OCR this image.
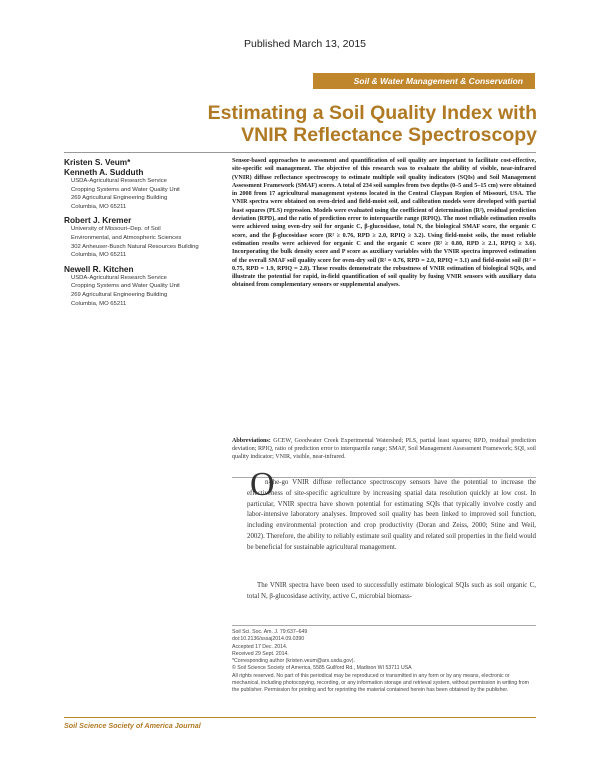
Published March 13, 2015
Soil & Water Management & Conservation
Estimating a Soil Quality Index with
VNIR Reflectance Spectroscopy
Kristen S. Veum*
Kenneth A. Sudduth
USDA-Agricultural Research Service
Cropping Systems and Water Quality Unit
269 Agricultural Engineering Building
Columbia, MO 65211
Robert J. Kremer
University of Missouri–Dep. of Soil
Environmental, and Atmospheric Sciences
302 Anheuser-Busch Natural Resources Building
Columbia, MO 65211
Newell R. Kitchen
USDA-Agricultural Research Service
Cropping Systems and Water Quality Unit
269 Agricultural Engineering Building
Columbia, MO 65211
Sensor-based approaches to assessment and quantification of soil quality are important to facilitate cost-effective, site-specific soil management. The objective of this research was to evaluate the ability of visible, near-infrared (VNIR) diffuse reflectance spectroscopy to estimate multiple soil quality indicators (SQIs) and Soil Management Assessment Framework (SMAF) scores. A total of 234 soil samples from two depths (0–5 and 5–15 cm) were obtained in 2008 from 17 agricultural management systems located in the Central Claypan Region of Missouri, USA. The VNIR spectra were obtained on oven-dried and field-moist soil, and calibration models were developed with partial least squares (PLS) regression. Models were evaluated using the coefficient of determination (R²), residual prediction deviation (RPD), and the ratio of prediction error to interquartile range (RPIQ). The most reliable estimation results were achieved using oven-dry soil for organic C, β-glucosidase, total N, the biological SMAF score, the organic C score, and the β-glucosidase score (R² ≥ 0.76, RPD ≥ 2.0, RPIQ ≥ 3.2). Using field-moist soils, the most reliable estimation results were achieved for organic C and the organic C score (R² ≥ 0.80, RPD ≥ 2.1, RPIQ ≥ 3.6). Incorporating the bulk density score and P score as auxiliary variables with the VNIR spectra improved estimation of the overall SMAF soil quality score for oven-dry soil (R² = 0.76, RPD = 2.0, RPIQ = 3.1) and field-moist soil (R² = 0.75, RPD = 1.9, RPIQ = 2.8). These results demonstrate the robustness of VNIR estimation of biological SQIs, and illustrate the potential for rapid, in-field quantification of soil quality by fusing VNIR sensors with auxiliary data obtained from complementary sensors or supplemental analyses.
Abbreviations: GCEW, Goodwater Creek Experimental Watershed; PLS, partial least squares; RPD, residual prediction deviation; RPIQ, ratio of prediction error to interquartile range; SMAF, Soil Management Assessment Framework; SQI, soil quality indicator; VNIR, visible, near-infrared.
O
n-the-go VNIR diffuse reflectance spectroscopy sensors have the potential to increase the effectiveness of site-specific agriculture by increasing spatial data resolution quickly at low cost. In particular, VNIR spectra have shown potential for estimating SQIs that typically involve costly and labor-intensive laboratory analyses. Improved soil quality has been linked to improved soil function, including environmental protection and crop productivity (Doran and Zeiss, 2000; Stine and Weil, 2002). Therefore, the ability to reliably estimate soil quality and related soil properties in the field would be beneficial for sustainable agricultural management.
The VNIR spectra have been used to successfully estimate biological SQIs such as soil organic C, total N, β-glucosidase activity, active C, microbial biomass-
Soil Sci. Soc. Am. J. 79:637–649
doi:10.2136/sssaj2014.09.0390
Accepted 17 Dec. 2014.
Received 29 Sept. 2014.
*Corresponding author (kristen.veum@ars.usda.gov).
© Soil Science Society of America, 5585 Guilford Rd., Madison WI 53711 USA
All rights reserved. No part of this periodical may be reproduced or transmitted in any form or by any means, electronic or mechanical, including photocopying, recording, or any information storage and retrieval system, without permission in writing from the publisher. Permission for printing and for reprinting the material contained herein has been obtained by the publisher.
Soil Science Society of America Journal
